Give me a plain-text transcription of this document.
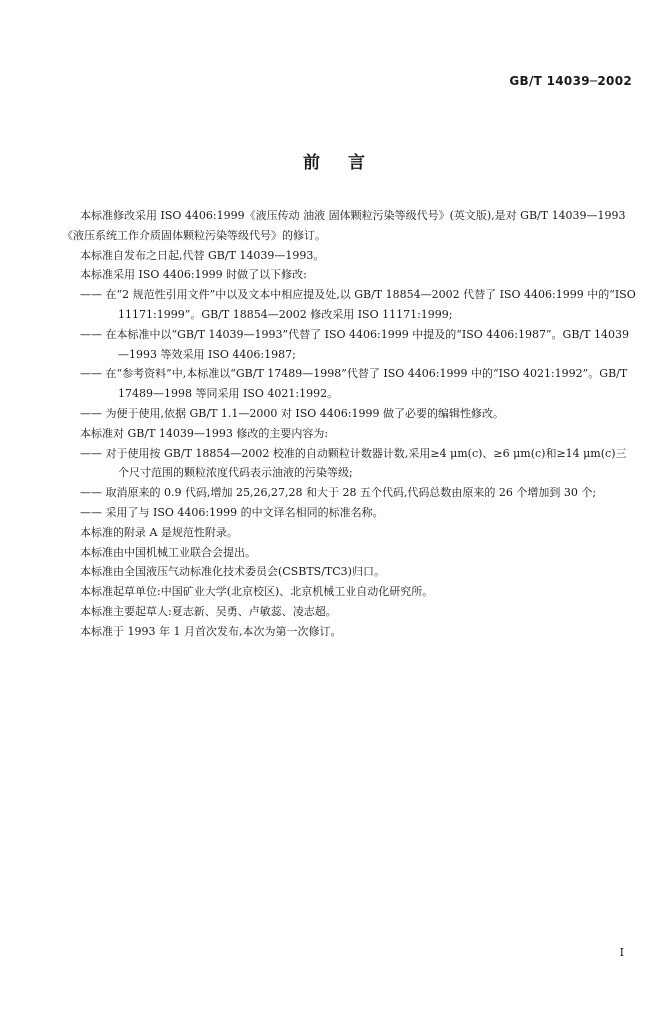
GB/T 14039─2002
前言

本标准修改采用 ISO 4406:1999《液压传动 油液 固体颗粒污染等级代号》(英文版),是对 GB/T 14039—1993《液压系统工作介质固体颗粒污染等级代号》的修订。

本标准自发布之日起,代替 GB/T 14039—1993。

本标准采用 ISO 4406:1999 时做了以下修改:

—— 在“2 规范性引用文件”中以及文本中相应提及处,以 GB/T 18854—2002 代替了 ISO 4406:1999 中的“ISO 11171:1999”。GB/T 18854—2002 修改采用 ISO 11171:1999;

—— 在本标准中以“GB/T 14039—1993”代替了 ISO 4406:1999 中提及的“ISO 4406:1987”。GB/T 14039—1993 等效采用 ISO 4406:1987;

—— 在“参考资料”中,本标准以“GB/T 17489—1998”代替了 ISO 4406:1999 中的“ISO 4021:1992”。GB/T 17489—1998 等同采用 ISO 4021:1992。

—— 为便于使用,依据 GB/T 1.1—2000 对 ISO 4406:1999 做了必要的编辑性修改。

本标准对 GB/T 14039—1993 修改的主要内容为:

—— 对于使用按 GB/T 18854—2002 校准的自动颗粒计数器计数,采用≥4 μm(c)、≥6 μm(c)和≥14 μm(c)三个尺寸范围的颗粒浓度代码表示油液的污染等级;

—— 取消原来的 0.9 代码,增加 25,26,27,28 和大于 28 五个代码,代码总数由原来的 26 个增加到 30 个;

—— 采用了与 ISO 4406:1999 的中文译名相同的标准名称。

本标准的附录 A 是规范性附录。

本标准由中国机械工业联合会提出。

本标准由全国液压气动标准化技术委员会(CSBTS/TC3)归口。

本标准起草单位:中国矿业大学(北京校区)、北京机械工业自动化研究所。

本标准主要起草人:夏志新、吴勇、卢敏蕊、凌志超。

本标准于 1993 年 1 月首次发布,本次为第一次修订。

I
